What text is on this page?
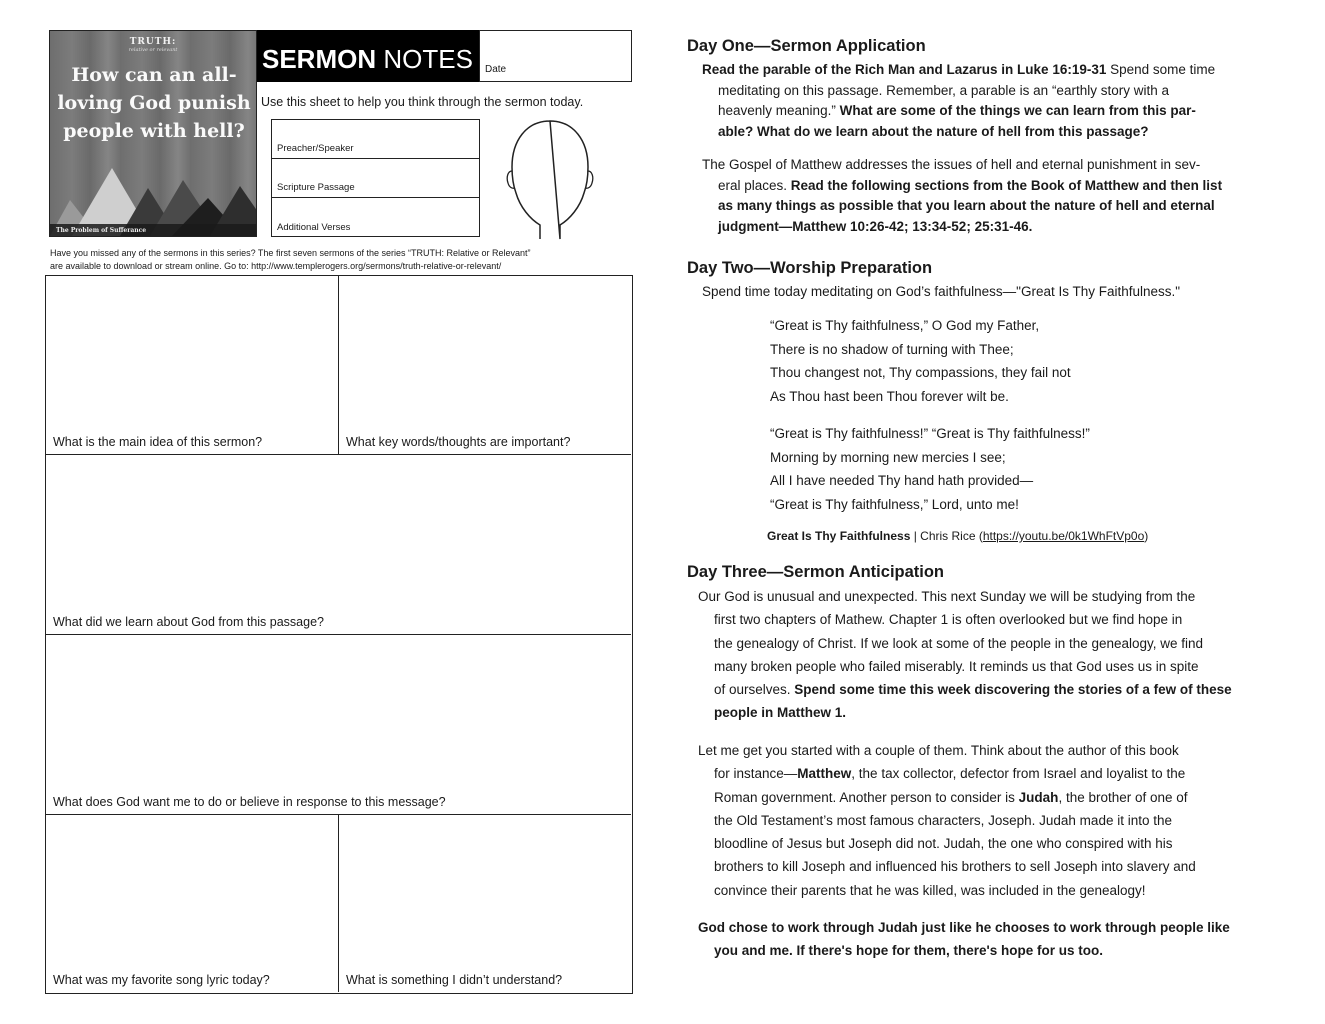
TRUTH:
relative or relevant
How can an all-loving God punish people with hell?
The Problem of Sufferance
SERMON NOTES Date
Use this sheet to help you think through the sermon today.
Preacher/Speaker
Scripture Passage
Additional Verses
Have you missed any of the sermons in this series? The first seven sermons of the series “TRUTH: Relative or Relevant”
are available to download or stream online. Go to: http://www.templerogers.org/sermons/truth-relative-or-relevant/
What is the main idea of this sermon?	What key words/thoughts are important?
What did we learn about God from this passage?
What does God want me to do or believe in response to this message?
What was my favorite song lyric today?	What is something I didn’t understand?
Day One—Sermon Application
Read the parable of the Rich Man and Lazarus in Luke 16:19-31 Spend some time
meditating on this passage. Remember, a parable is an “earthly story with a
heavenly meaning.” What are some of the things we can learn from this par-
able? What do we learn about the nature of hell from this passage?
The Gospel of Matthew addresses the issues of hell and eternal punishment in sev-
eral places. Read the following sections from the Book of Matthew and then list
as many things as possible that you learn about the nature of hell and eternal
judgment—Matthew 10:26-42; 13:34-52; 25:31-46.
Day Two—Worship Preparation
Spend time today meditating on God’s faithfulness—"Great Is Thy Faithfulness."
“Great is Thy faithfulness,” O God my Father,
There is no shadow of turning with Thee;
Thou changest not, Thy compassions, they fail not
As Thou hast been Thou forever wilt be.
“Great is Thy faithfulness!” “Great is Thy faithfulness!”
Morning by morning new mercies I see;
All I have needed Thy hand hath provided—
“Great is Thy faithfulness,” Lord, unto me!
Great Is Thy Faithfulness | Chris Rice (https://youtu.be/0k1WhFtVp0o)
Day Three—Sermon Anticipation
Our God is unusual and unexpected. This next Sunday we will be studying from the
first two chapters of Mathew. Chapter 1 is often overlooked but we find hope in
the genealogy of Christ. If we look at some of the people in the genealogy, we find
many broken people who failed miserably. It reminds us that God uses us in spite
of ourselves. Spend some time this week discovering the stories of a few of these
people in Matthew 1.
Let me get you started with a couple of them. Think about the author of this book
for instance—Matthew, the tax collector, defector from Israel and loyalist to the
Roman government. Another person to consider is Judah, the brother of one of
the Old Testament’s most famous characters, Joseph. Judah made it into the
bloodline of Jesus but Joseph did not. Judah, the one who conspired with his
brothers to kill Joseph and influenced his brothers to sell Joseph into slavery and
convince their parents that he was killed, was included in the genealogy!
God chose to work through Judah just like he chooses to work through people like
you and me. If there's hope for them, there's hope for us too.
